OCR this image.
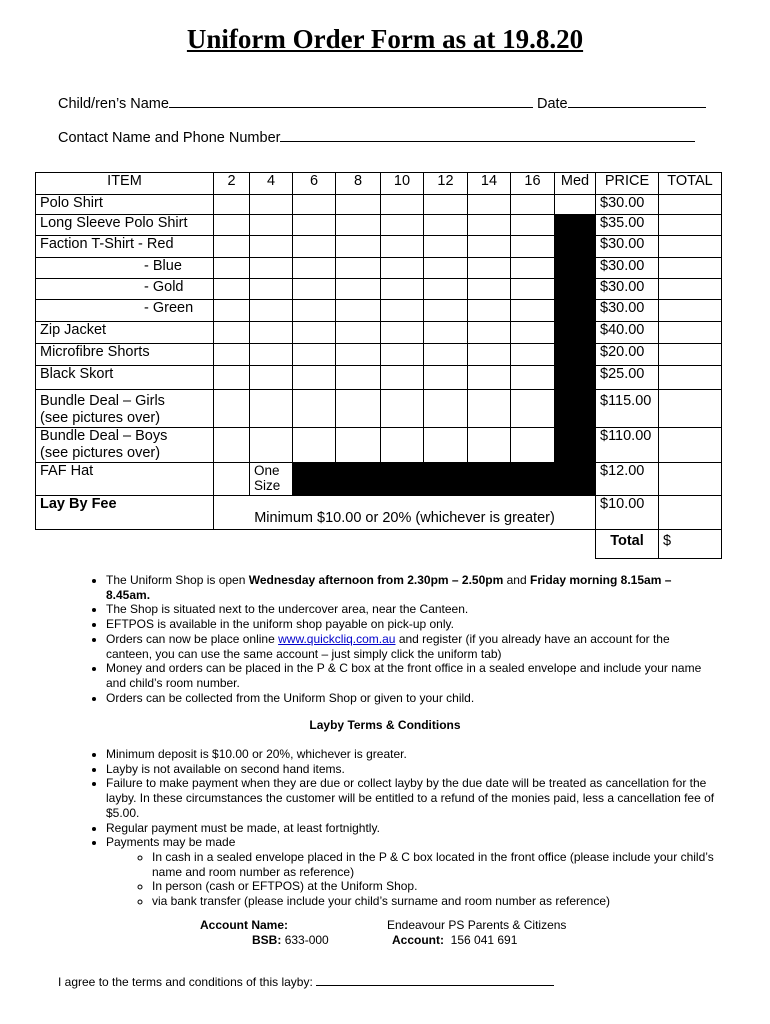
Uniform Order Form as at 19.8.20
Child/ren’s Name	Date
Contact Name and Phone Number
ITEM	2	4	6	8	10	12	14	16	Med	PRICE	TOTAL
Polo Shirt										$30.00	
Long Sleeve Polo Shirt										$35.00	
Faction T-Shirt - Red										$30.00	
- Blue										$30.00	
- Gold										$30.00	
- Green										$30.00	
Zip Jacket										$40.00	
Microfibre Shorts										$20.00	
Black Skort										$25.00	

Bundle Deal – Girls
(see pictures over)										$115.00	

Bundle Deal – Boys
(see pictures over)										$110.00	
FAF Hat		One Size								$12.00	
Lay By Fee	Minimum $10.00 or 20% (whichever is greater)									$10.00	
										Total	$
• The Uniform Shop is open Wednesday afternoon from 2.30pm – 2.50pm and Friday morning 8.15am – 8.45am.
• The Shop is situated next to the undercover area, near the Canteen.
• EFTPOS is available in the uniform shop payable on pick-up only.
• Orders can now be place online www.quickcliq.com.au and register (if you already have an account for the canteen, you can use the same account – just simply click the uniform tab)
• Money and orders can be placed in the P & C box at the front office in a sealed envelope and include your name and child’s room number.
• Orders can be collected from the Uniform Shop or given to your child.
Layby Terms & Conditions
• Minimum deposit is $10.00 or 20%, whichever is greater.
• Layby is not available on second hand items.
• Failure to make payment when they are due or collect layby by the due date will be treated as cancellation for the layby. In these circumstances the customer will be entitled to a refund of the monies paid, less a cancellation fee of $5.00.
• Regular payment must be made, at least fortnightly.
• Payments may be made
◦ In cash in a sealed envelope placed in the P & C box located in the front office (please include your child’s name and room number as reference)
◦ In person (cash or EFTPOS) at the Uniform Shop.
◦ via bank transfer (please include your child’s surname and room number as reference)
Account Name:	Endeavour PS Parents & Citizens
BSB: 633-000	Account: 156 041 691
I agree to the terms and conditions of this layby:
